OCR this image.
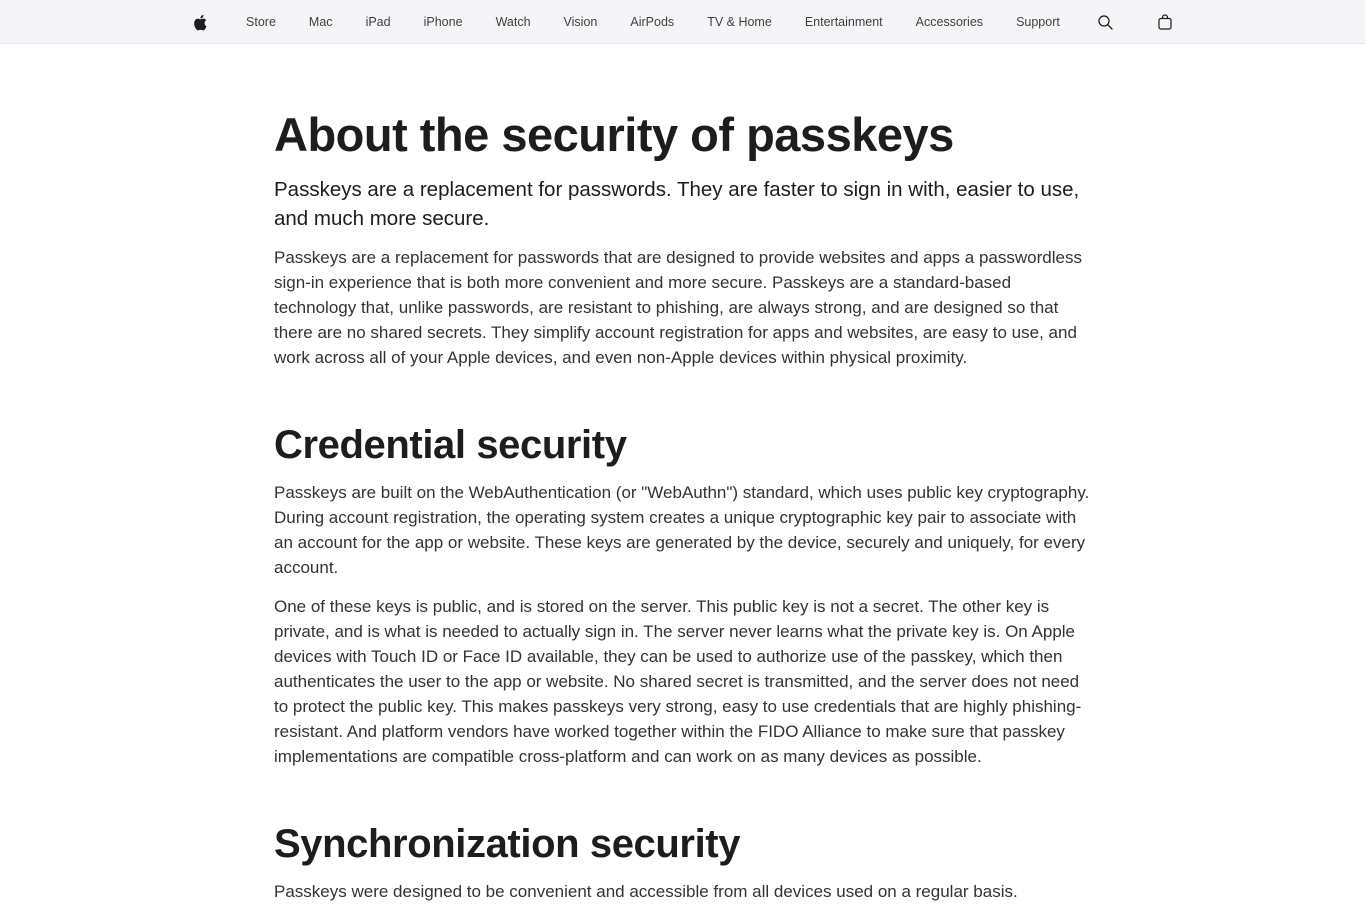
Store	Mac	iPad	iPhone	Watch	Vision	AirPods	TV & Home	Entertainment	Accessories	Support
About the security of passkeys

Passkeys are a replacement for passwords. They are faster to sign in with, easier to use, and much more secure.

Passkeys are a replacement for passwords that are designed to provide websites and apps a passwordless sign-in experience that is both more convenient and more secure. Passkeys are a standard-based technology that, unlike passwords, are resistant to phishing, are always strong, and are designed so that there are no shared secrets. They simplify account registration for apps and websites, are easy to use, and work across all of your Apple devices, and even non-Apple devices within physical proximity.

Credential security

Passkeys are built on the WebAuthentication (or "WebAuthn") standard, which uses public key cryptography. During account registration, the operating system creates a unique cryptographic key pair to associate with an account for the app or website. These keys are generated by the device, securely and uniquely, for every account.

One of these keys is public, and is stored on the server. This public key is not a secret. The other key is private, and is what is needed to actually sign in. The server never learns what the private key is. On Apple devices with Touch ID or Face ID available, they can be used to authorize use of the passkey, which then authenticates the user to the app or website. No shared secret is transmitted, and the server does not need to protect the public key. This makes passkeys very strong, easy to use credentials that are highly phishing-resistant. And platform vendors have worked together within the FIDO Alliance to make sure that passkey implementations are compatible cross-platform and can work on as many devices as possible.

Synchronization security

Passkeys were designed to be convenient and accessible from all devices used on a regular basis.
